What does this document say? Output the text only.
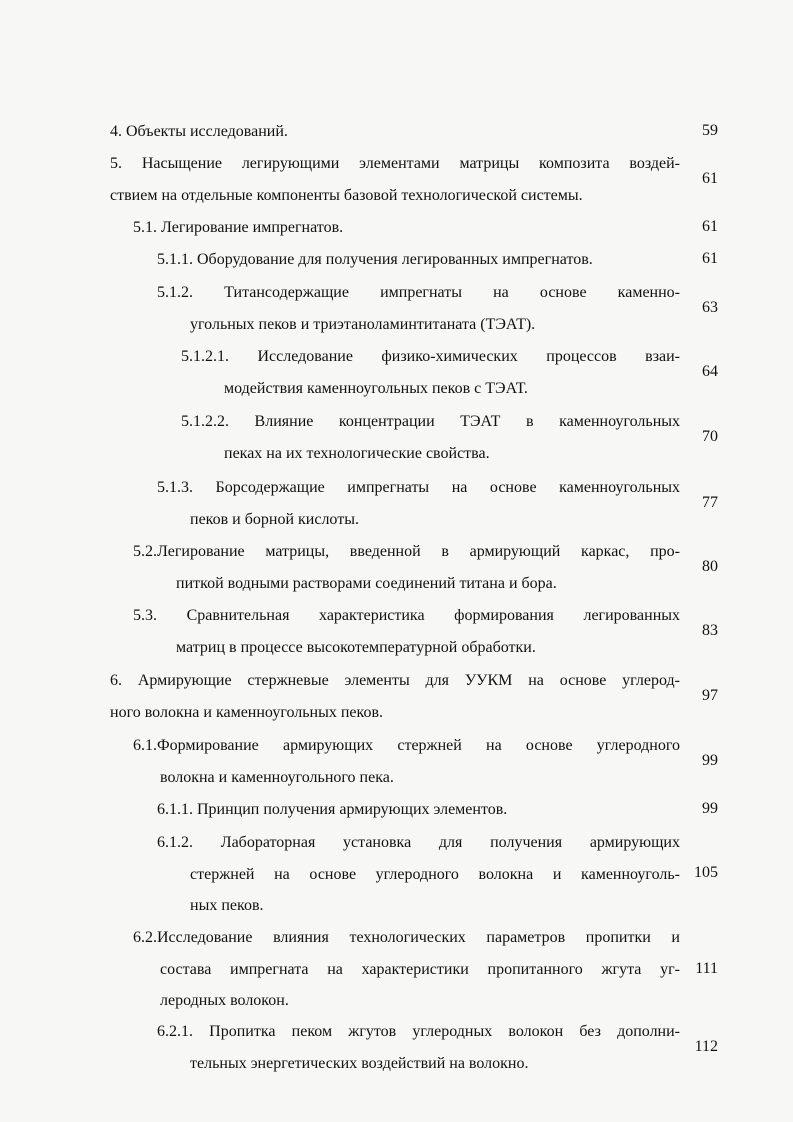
4. Объекты исследований.	59
5. Насыщение легирующими элементами матрицы композита воздей-
ствием на отдельные компоненты базовой технологической системы.
61
5.1. Легирование импрегнатов.	61
5.1.1. Оборудование для получения легированных импрегнатов.	61
5.1.2. Титансодержащие импрегнаты на основе каменно-
угольных пеков и триэтаноламинтитаната (ТЭАТ).
63
5.1.2.1. Исследование физико-химических процессов взаи-
модействия каменноугольных пеков с ТЭАТ.
64
5.1.2.2. Влияние концентрации ТЭАТ в каменноугольных
пеках на их технологические свойства.
70
5.1.3. Борсодержащие импрегнаты на основе каменноугольных
пеков и борной кислоты.
77
5.2.Легирование матрицы, введенной в армирующий каркас, про-
питкой водными растворами соединений титана и бора.
80
5.3. Сравнительная характеристика формирования легированных
матриц в процессе высокотемпературной обработки.
83
6. Армирующие стержневые элементы для УУКМ на основе углерод-
ного волокна и каменноугольных пеков.
97
6.1.Формирование армирующих стержней на основе углеродного
волокна и каменноугольного пека.
99
6.1.1. Принцип получения армирующих элементов.	99
6.1.2. Лабораторная установка для получения армирующих
стержней на основе углеродного волокна и каменноуголь-
ных пеков.
105
6.2.Исследование влияния технологических параметров пропитки и
состава импрегната на характеристики пропитанного жгута уг-
леродных волокон.
111
6.2.1. Пропитка пеком жгутов углеродных волокон без дополни-
тельных энергетических воздействий на волокно.
112
